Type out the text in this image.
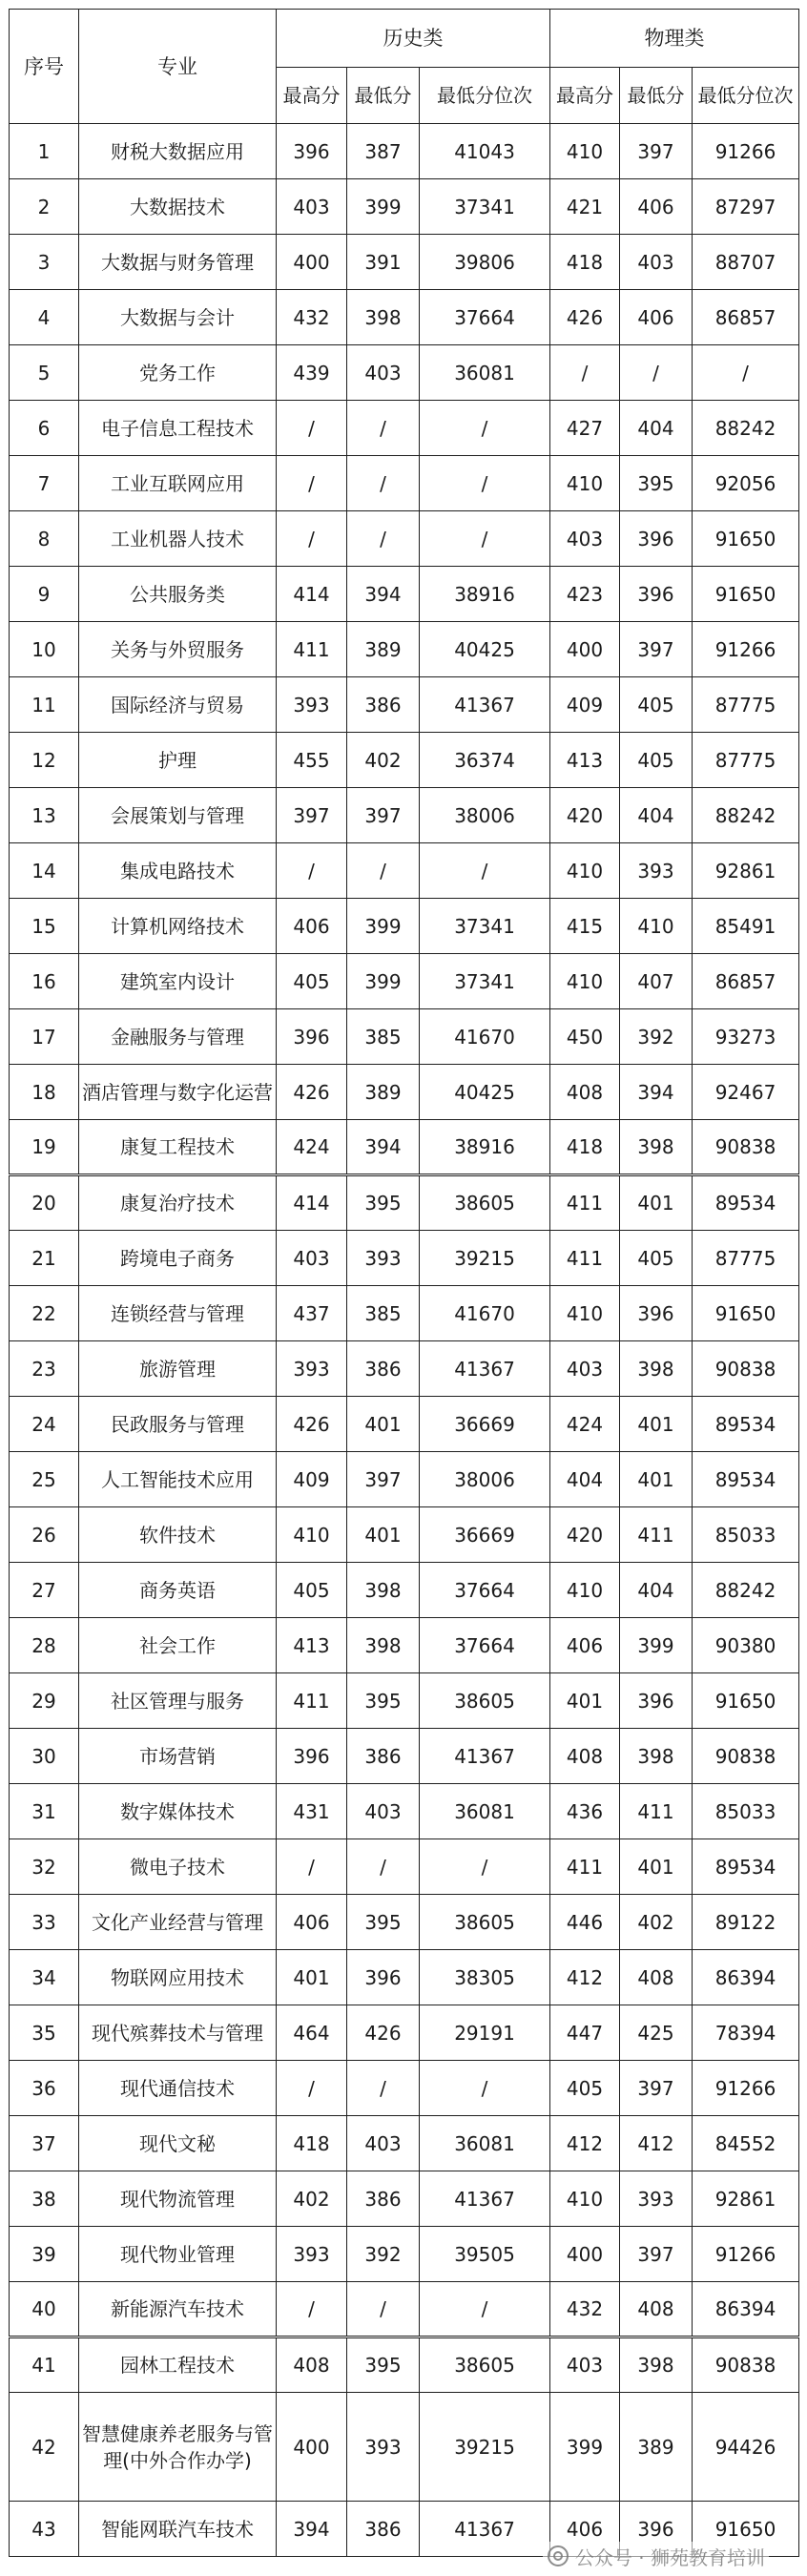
序号	专业	历史类			物理类		
		最高分	最低分	最低分位次	最高分	最低分	最低分位次
1	财税大数据应用	396	387	41043	410	397	91266
2	大数据技术	403	399	37341	421	406	87297
3	大数据与财务管理	400	391	39806	418	403	88707
4	大数据与会计	432	398	37664	426	406	86857
5	党务工作	439	403	36081	/	/	/
6	电子信息工程技术	/	/	/	427	404	88242
7	工业互联网应用	/	/	/	410	395	92056
8	工业机器人技术	/	/	/	403	396	91650
9	公共服务类	414	394	38916	423	396	91650
10	关务与外贸服务	411	389	40425	400	397	91266
11	国际经济与贸易	393	386	41367	409	405	87775
12	护理	455	402	36374	413	405	87775
13	会展策划与管理	397	397	38006	420	404	88242
14	集成电路技术	/	/	/	410	393	92861
15	计算机网络技术	406	399	37341	415	410	85491
16	建筑室内设计	405	399	37341	410	407	86857
17	金融服务与管理	396	385	41670	450	392	93273
18	酒店管理与数字化运营	426	389	40425	408	394	92467
19	康复工程技术	424	394	38916	418	398	90838
20	康复治疗技术	414	395	38605	411	401	89534
21	跨境电子商务	403	393	39215	411	405	87775
22	连锁经营与管理	437	385	41670	410	396	91650
23	旅游管理	393	386	41367	403	398	90838
24	民政服务与管理	426	401	36669	424	401	89534
25	人工智能技术应用	409	397	38006	404	401	89534
26	软件技术	410	401	36669	420	411	85033
27	商务英语	405	398	37664	410	404	88242
28	社会工作	413	398	37664	406	399	90380
29	社区管理与服务	411	395	38605	401	396	91650
30	市场营销	396	386	41367	408	398	90838
31	数字媒体技术	431	403	36081	436	411	85033
32	微电子技术	/	/	/	411	401	89534
33	文化产业经营与管理	406	395	38605	446	402	89122
34	物联网应用技术	401	396	38305	412	408	86394
35	现代殡葬技术与管理	464	426	29191	447	425	78394
36	现代通信技术	/	/	/	405	397	91266
37	现代文秘	418	403	36081	412	412	84552
38	现代物流管理	402	386	41367	410	393	92861
39	现代物业管理	393	392	39505	400	397	91266
40	新能源汽车技术	/	/	/	432	408	86394
41	园林工程技术	408	395	38605	403	398	90838
42	智慧健康养老服务与管理(中外合作办学)	400	393	39215	399	389	94426
43	智能网联汽车技术	394	386	41367	406	396	91650
公众号 · 狮苑教育培训
